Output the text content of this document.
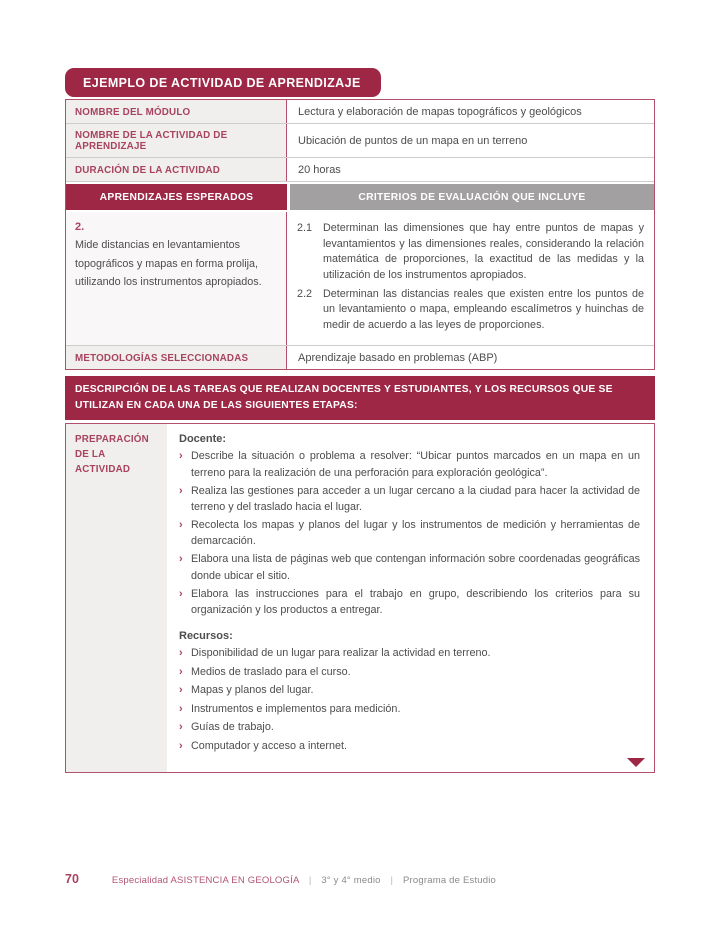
EJEMPLO DE ACTIVIDAD DE APRENDIZAJE
NOMBRE DEL MÓDULO	Lectura y elaboración de mapas topográficos y geológicos
NOMBRE DE LA ACTIVIDAD DE APRENDIZAJE	Ubicación de puntos de un mapa en un terreno
DURACIÓN DE LA ACTIVIDAD	20 horas
APRENDIZAJES ESPERADOS	CRITERIOS DE EVALUACIÓN QUE INCLUYE
2.
Mide distancias en levantamientos topográficos y mapas en forma prolija, utilizando los instrumentos apropiados.
2.1	Determinan las dimensiones que hay entre puntos de mapas y levantamientos y las dimensiones reales, considerando la relación matemática de proporciones, la exactitud de las medidas y la utilización de los instrumentos apropiados.
2.2	Determinan las distancias reales que existen entre los puntos de un levantamiento o mapa, empleando escalímetros y huinchas de medir de acuerdo a las leyes de proporciones.
METODOLOGÍAS SELECCIONADAS	Aprendizaje basado en problemas (ABP)
DESCRIPCIÓN DE LAS TAREAS QUE REALIZAN DOCENTES Y ESTUDIANTES, Y LOS RECURSOS QUE SE UTILIZAN EN CADA UNA DE LAS SIGUIENTES ETAPAS:
PREPARACIÓN DE LA ACTIVIDAD
Docente:
› Describe la situación o problema a resolver: “Ubicar puntos marcados en un mapa en un terreno para la realización de una perforación para exploración geológica”.
› Realiza las gestiones para acceder a un lugar cercano a la ciudad para hacer la actividad de terreno y del traslado hacia el lugar.
› Recolecta los mapas y planos del lugar y los instrumentos de medición y herramientas de demarcación.
› Elabora una lista de páginas web que contengan información sobre coordenadas geográficas donde ubicar el sitio.
› Elabora las instrucciones para el trabajo en grupo, describiendo los criterios para su organización y los productos a entregar.
Recursos:
› Disponibilidad de un lugar para realizar la actividad en terreno.
› Medios de traslado para el curso.
› Mapas y planos del lugar.
› Instrumentos e implementos para medición.
› Guías de trabajo.
› Computador y acceso a internet.
70	Especialidad ASISTENCIA EN GEOLOGÍA | 3° y 4° medio | Programa de Estudio
